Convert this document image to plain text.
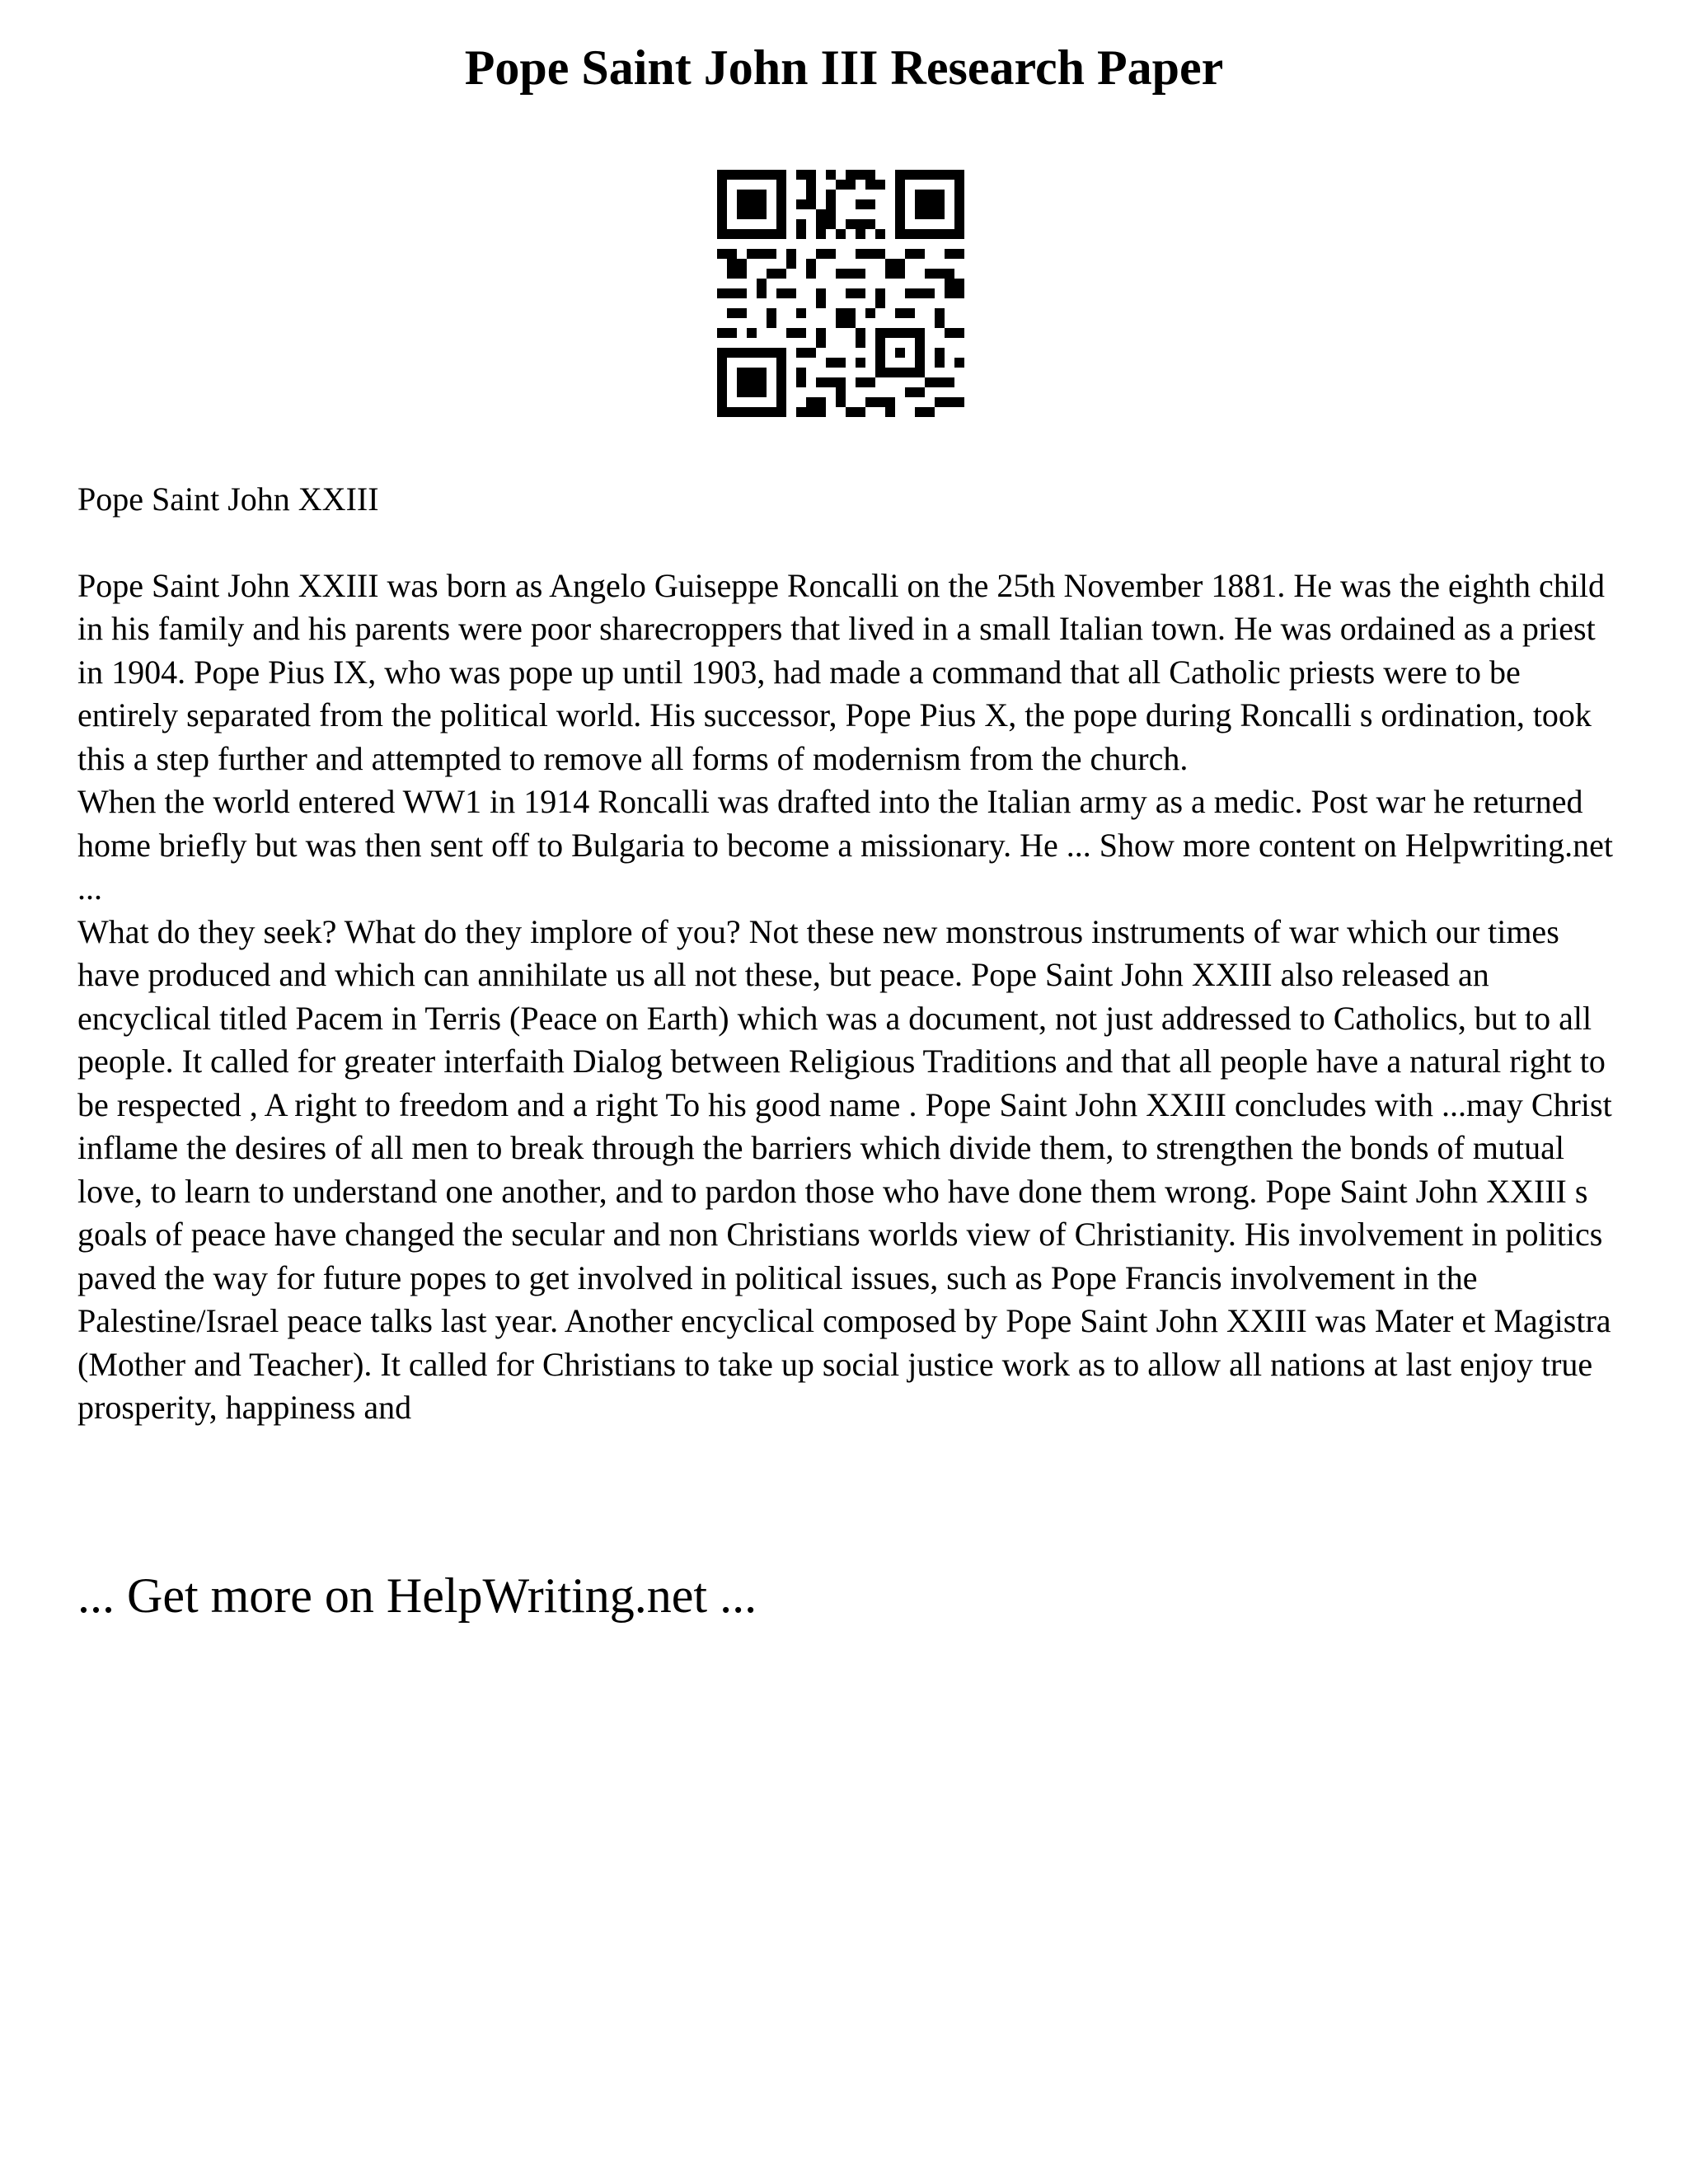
Pope Saint John III Research Paper

Pope Saint John XXIII

Pope Saint John XXIII was born as Angelo Guiseppe Roncalli on the 25th November 1881. He was the eighth child in his family and his parents were poor sharecroppers that lived in a small Italian town. He was ordained as a priest in 1904. Pope Pius IX, who was pope up until 1903, had made a command that all Catholic priests were to be entirely separated from the political world. His successor, Pope Pius X, the pope during Roncalli s ordination, took this a step further and attempted to remove all forms of modernism from the church.

When the world entered WW1 in 1914 Roncalli was drafted into the Italian army as a medic. Post war he returned home briefly but was then sent off to Bulgaria to become a missionary. He ... Show more content on Helpwriting.net ...

What do they seek? What do they implore of you? Not these new monstrous instruments of war which our times have produced and which can annihilate us all not these, but peace. Pope Saint John XXIII also released an encyclical titled Pacem in Terris (Peace on Earth) which was a document, not just addressed to Catholics, but to all people. It called for greater interfaith Dialog between Religious Traditions and that all people have a natural right to be respected , A right to freedom and a right To his good name . Pope Saint John XXIII concludes with ...may Christ inflame the desires of all men to break through the barriers which divide them, to strengthen the bonds of mutual love, to learn to understand one another, and to pardon those who have done them wrong. Pope Saint John XXIII s goals of peace have changed the secular and non Christians worlds view of Christianity. His involvement in politics paved the way for future popes to get involved in political issues, such as Pope Francis involvement in the Palestine/Israel peace talks last year. Another encyclical composed by Pope Saint John XXIII was Mater et Magistra (Mother and Teacher). It called for Christians to take up social justice work as to allow all nations at last enjoy true prosperity, happiness and

... Get more on HelpWriting.net ...
